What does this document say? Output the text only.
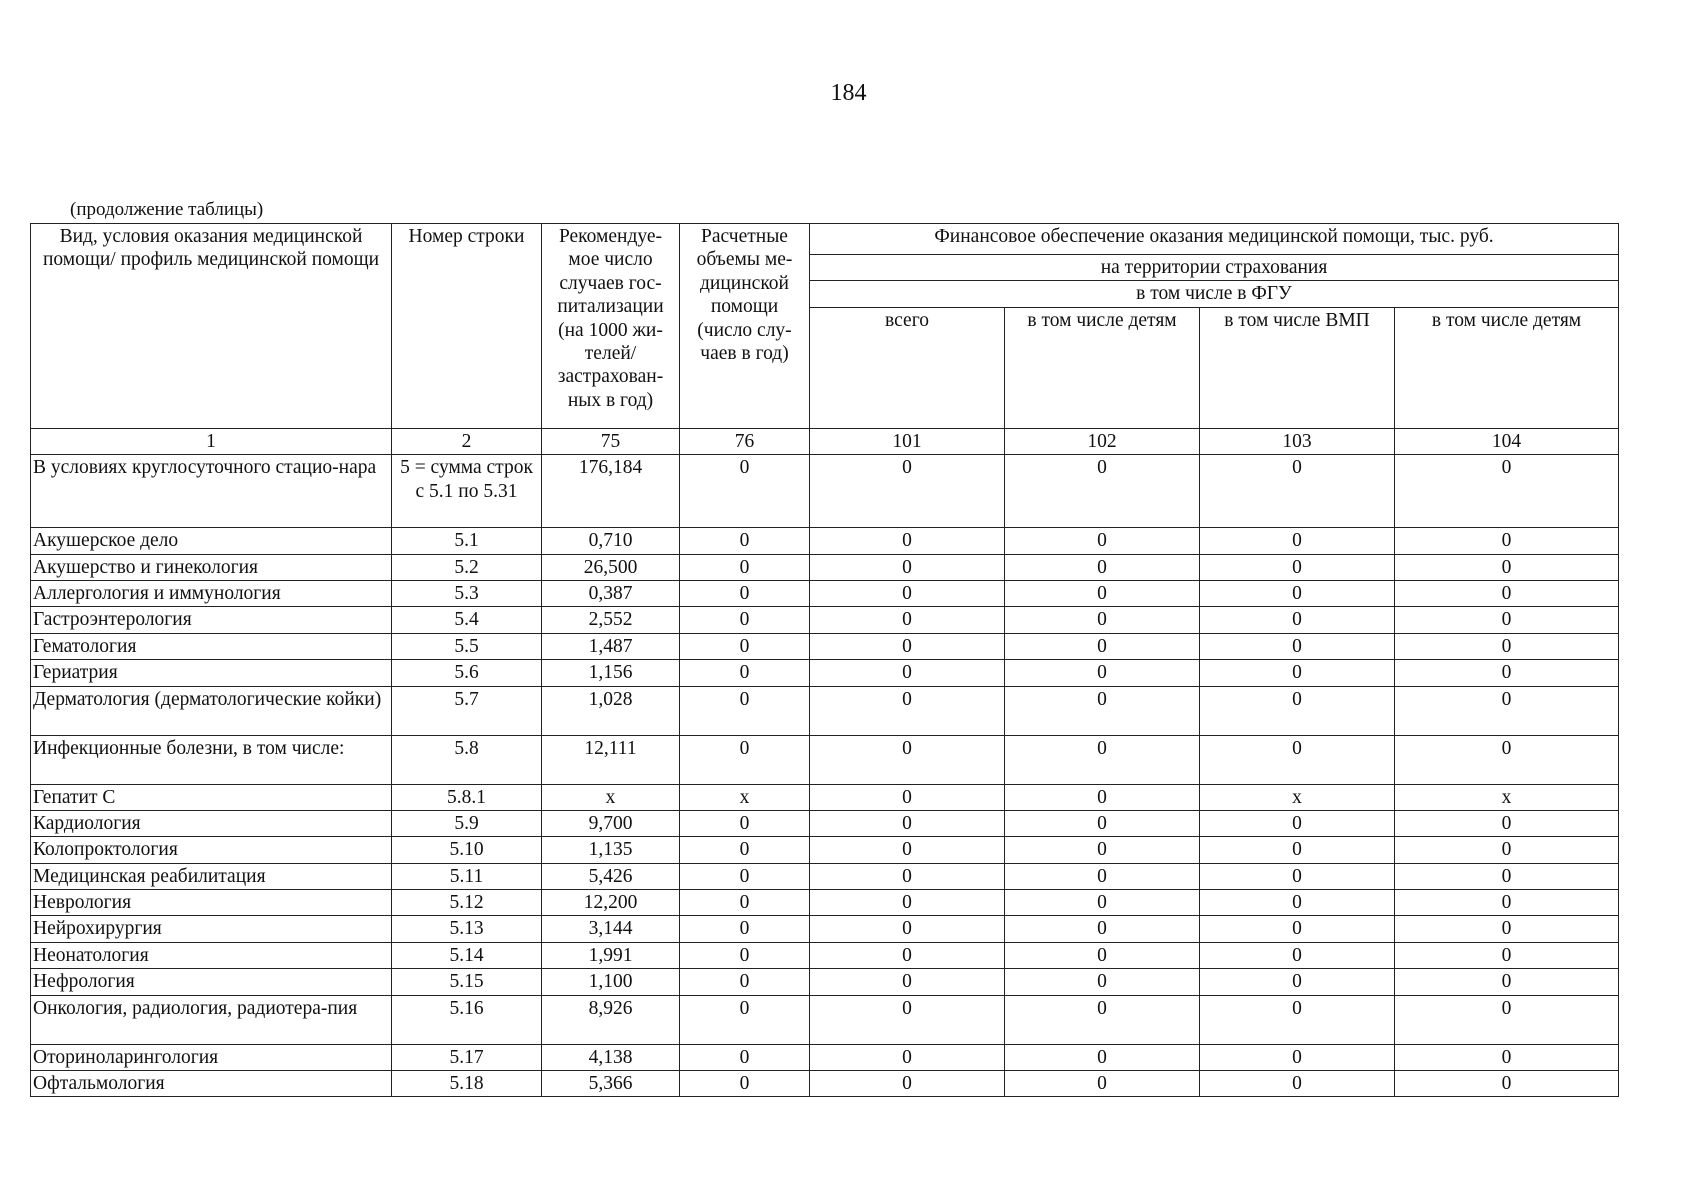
184
(продолжение таблицы)
Вид, условия оказания медицинской помощи/ профиль медицинской помощи	Номер строки	Рекомендуе-мое число случаев гос-питализации (на 1000 жи-телей/ застрахован-ных в год)	Расчетные объемы ме-дицинской помощи (число слу-чаев в год)	Финансовое обеспечение оказания медицинской помощи, тыс. руб.			
				на территории страхования			
				в том числе в ФГУ			
				всего	в том числе детям	в том числе ВМП	в том числе детям
1	2	75	76	101	102	103	104
В условиях круглосуточного стацио-нара	5 = сумма строк с 5.1 по 5.31	176,184	0	0	0	0	0
Акушерское дело	5.1	0,710	0	0	0	0	0
Акушерство и гинекология	5.2	26,500	0	0	0	0	0
Аллергология и иммунология	5.3	0,387	0	0	0	0	0
Гастроэнтерология	5.4	2,552	0	0	0	0	0
Гематология	5.5	1,487	0	0	0	0	0
Гериатрия	5.6	1,156	0	0	0	0	0
Дерматология (дерматологические койки)	5.7	1,028	0	0	0	0	0
Инфекционные болезни, в том числе:	5.8	12,111	0	0	0	0	0
Гепатит С	5.8.1	x	x	0	0	x	x
Кардиология	5.9	9,700	0	0	0	0	0
Колопроктология	5.10	1,135	0	0	0	0	0
Медицинская реабилитация	5.11	5,426	0	0	0	0	0
Неврология	5.12	12,200	0	0	0	0	0
Нейрохирургия	5.13	3,144	0	0	0	0	0
Неонатология	5.14	1,991	0	0	0	0	0
Нефрология	5.15	1,100	0	0	0	0	0
Онкология, радиология, радиотера-пия	5.16	8,926	0	0	0	0	0
Оториноларингология	5.17	4,138	0	0	0	0	0
Офтальмология	5.18	5,366	0	0	0	0	0
